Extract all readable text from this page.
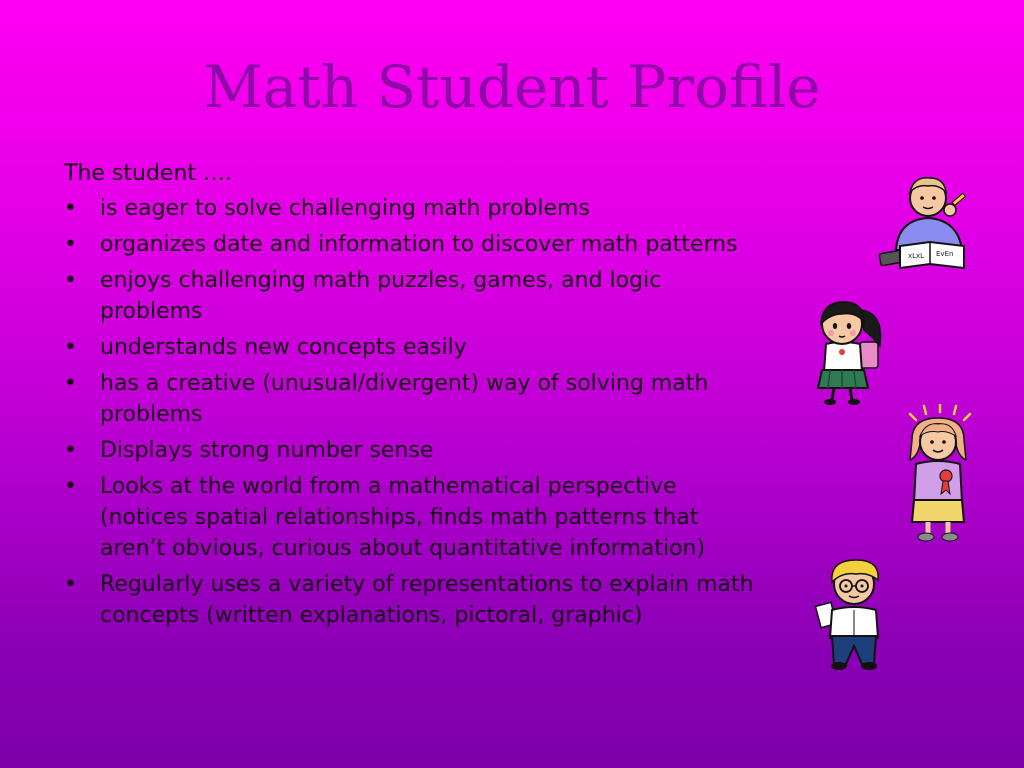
Math Student Profile
The student ….
• is eager to solve challenging math problems
• organizes date and information to discover math patterns
• enjoys challenging math puzzles, games, and logic problems
• understands new concepts easily
• has a creative (unusual/divergent) way of solving math problems
• Displays strong number sense
• Looks at the world from a mathematical perspective (notices spatial relationships, finds math patterns that aren’t obvious, curious about quantitative information)
• Regularly uses a variety of representations to explain math concepts (written explanations, pictoral, graphic)
xLxL EvEn
